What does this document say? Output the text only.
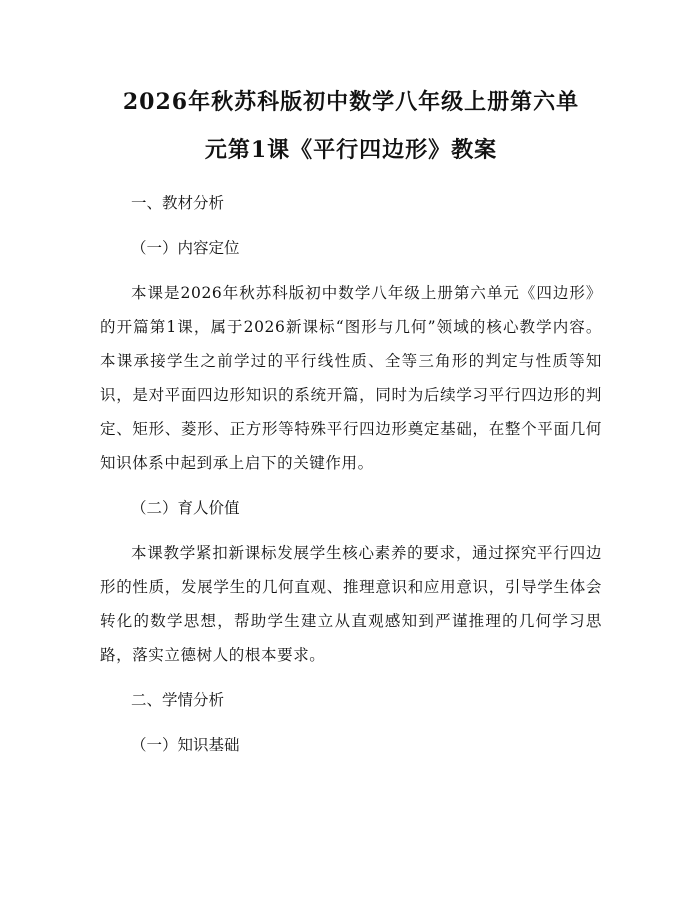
2026年秋苏科版初中数学八年级上册第六单
元第1课《平行四边形》教案

一、教材分析

（一）内容定位

本课是2026年秋苏科版初中数学八年级上册第六单元《四边形》的开篇第1课，属于2026新课标“图形与几何”领域的核心教学内容。本课承接学生之前学过的平行线性质、全等三角形的判定与性质等知识，是对平面四边形知识的系统开篇，同时为后续学习平行四边形的判定、矩形、菱形、正方形等特殊平行四边形奠定基础，在整个平面几何知识体系中起到承上启下的关键作用。

（二）育人价值

本课教学紧扣新课标发展学生核心素养的要求，通过探究平行四边形的性质，发展学生的几何直观、推理意识和应用意识，引导学生体会转化的数学思想，帮助学生建立从直观感知到严谨推理的几何学习思路，落实立德树人的根本要求。

二、学情分析

（一）知识基础
